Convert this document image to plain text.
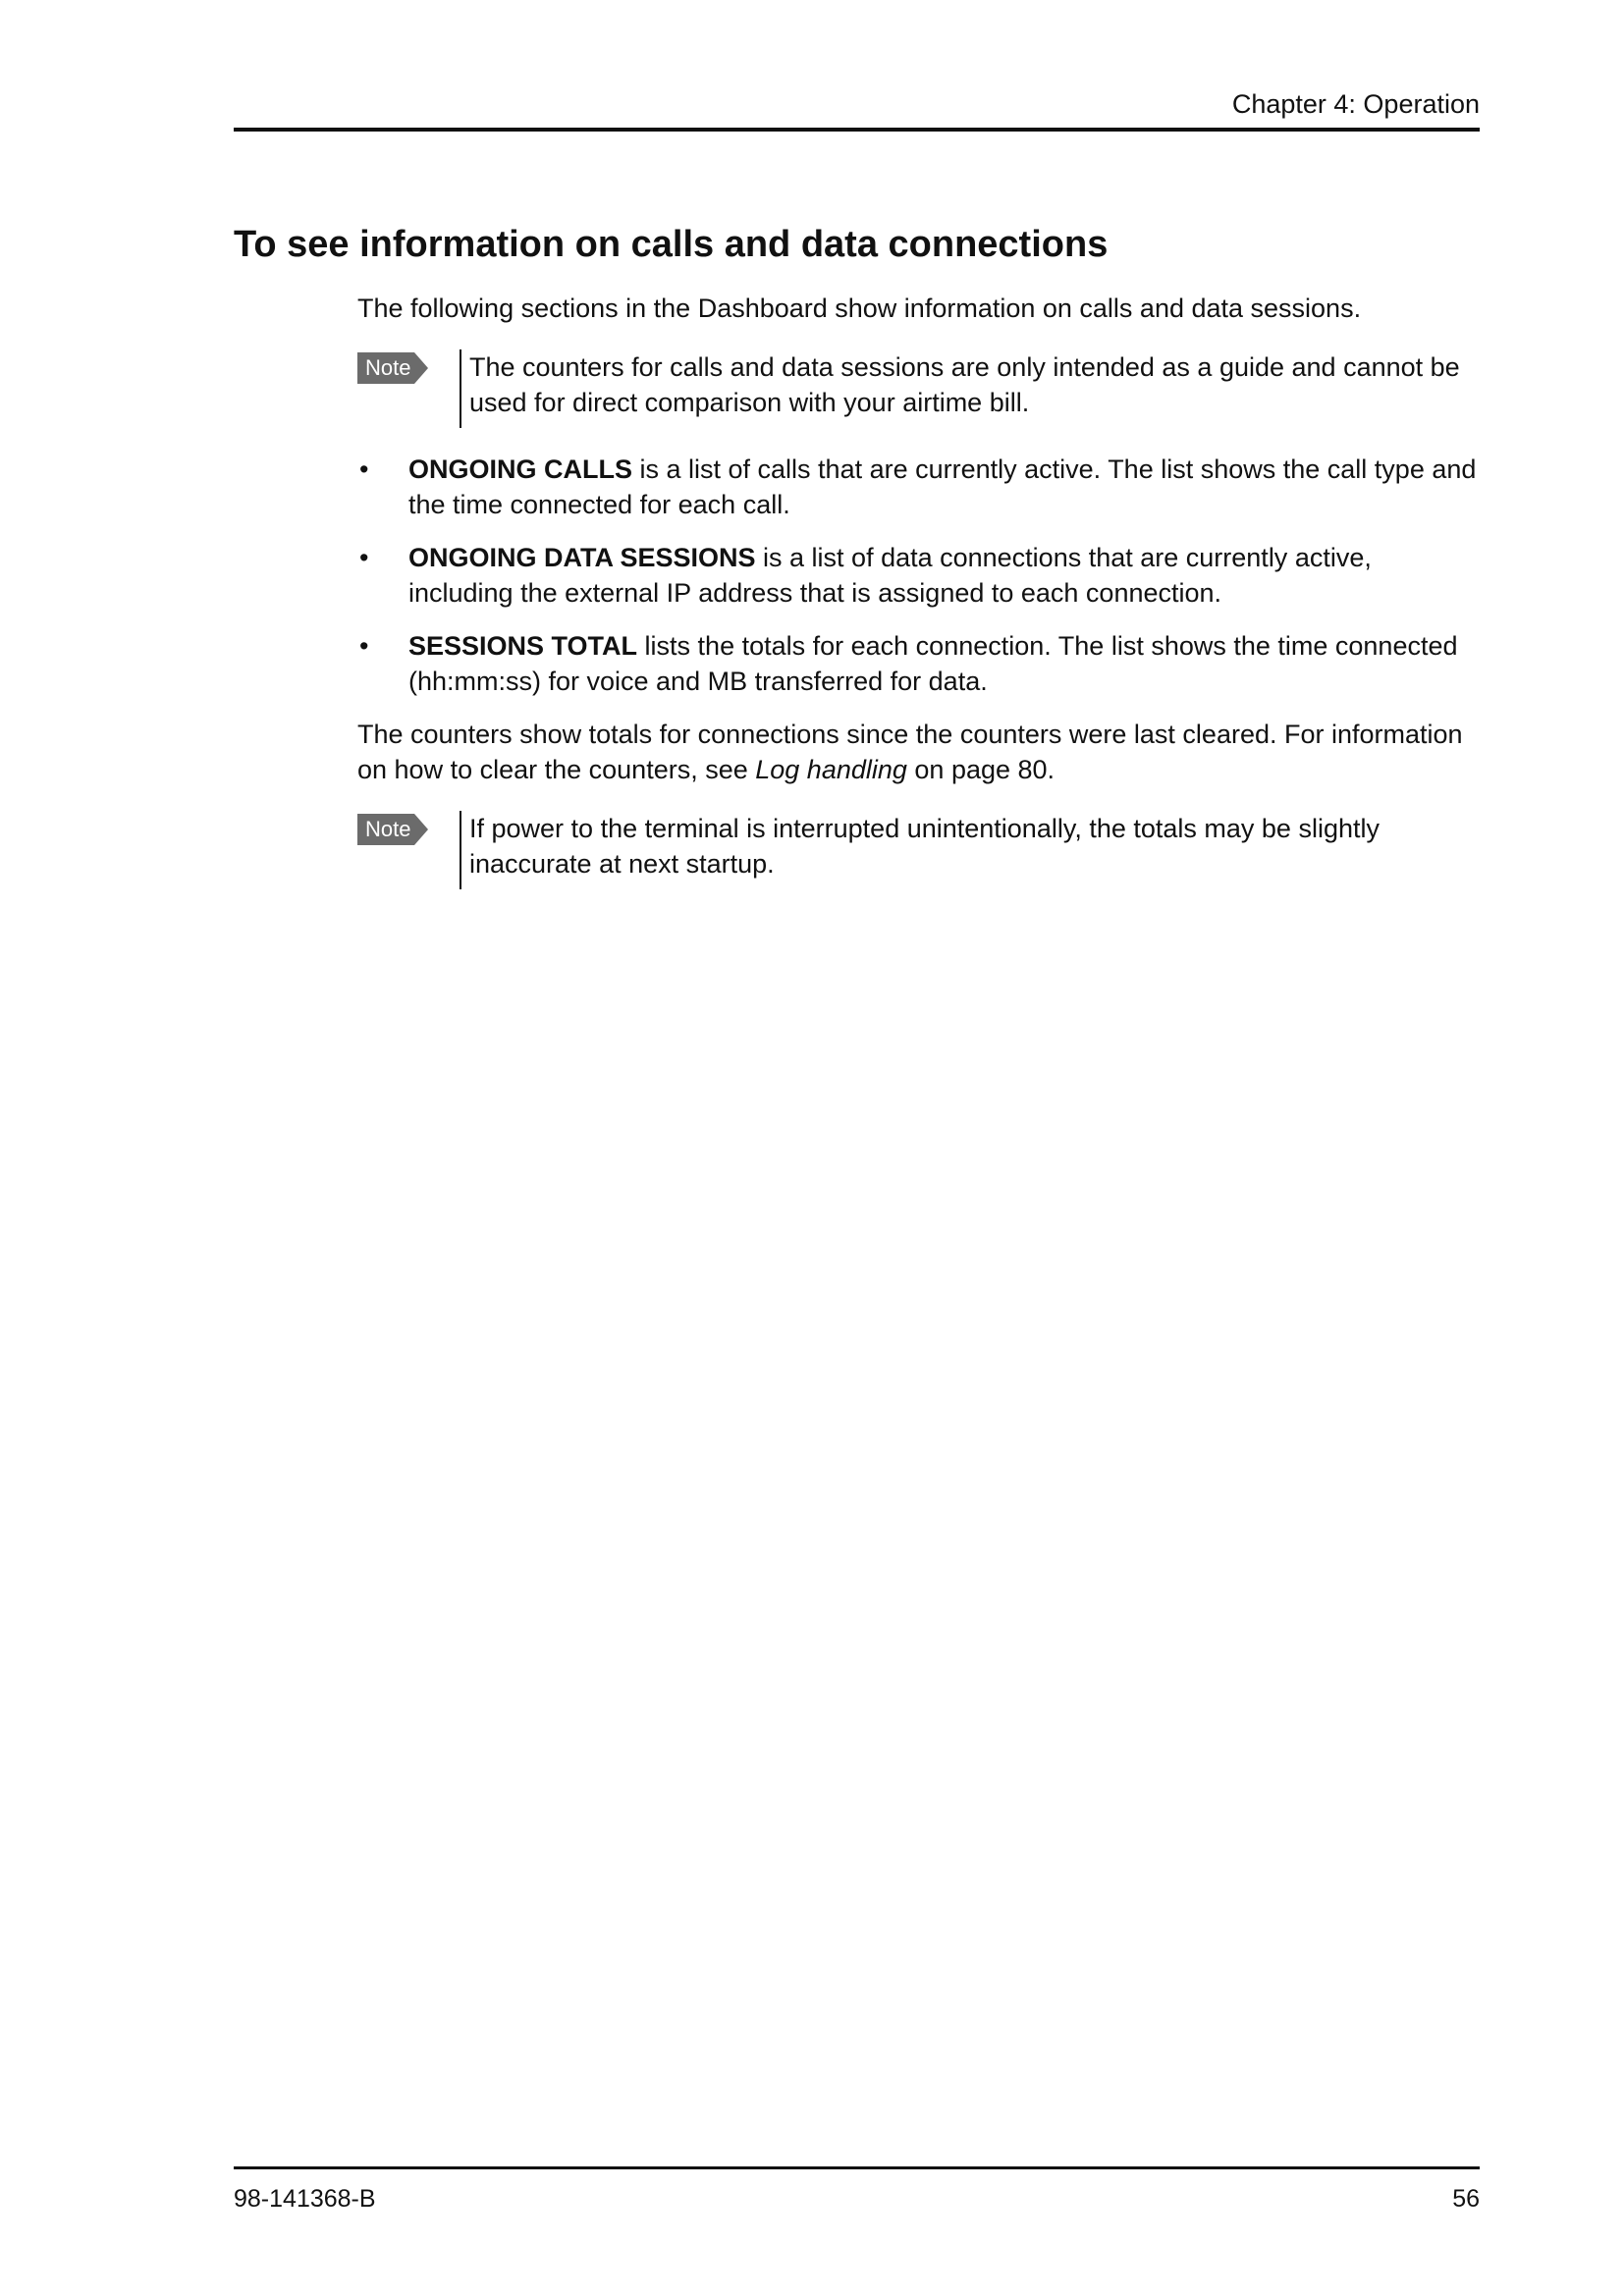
Chapter 4: Operation
To see information on calls and data connections

The following sections in the Dashboard show information on calls and data sessions.

Note	The counters for calls and data sessions are only intended as a guide and cannot be used for direct comparison with your airtime bill.
• ONGOING CALLS is a list of calls that are currently active. The list shows the call type and the time connected for each call.
• ONGOING DATA SESSIONS is a list of data connections that are currently active, including the external IP address that is assigned to each connection.
• SESSIONS TOTAL lists the totals for each connection. The list shows the time connected (hh:mm:ss) for voice and MB transferred for data.

The counters show totals for connections since the counters were last cleared. For information on how to clear the counters, see Log handling on page 80.

Note	If power to the terminal is interrupted unintentionally, the totals may be slightly inaccurate at next startup.
98-141368-B	56
